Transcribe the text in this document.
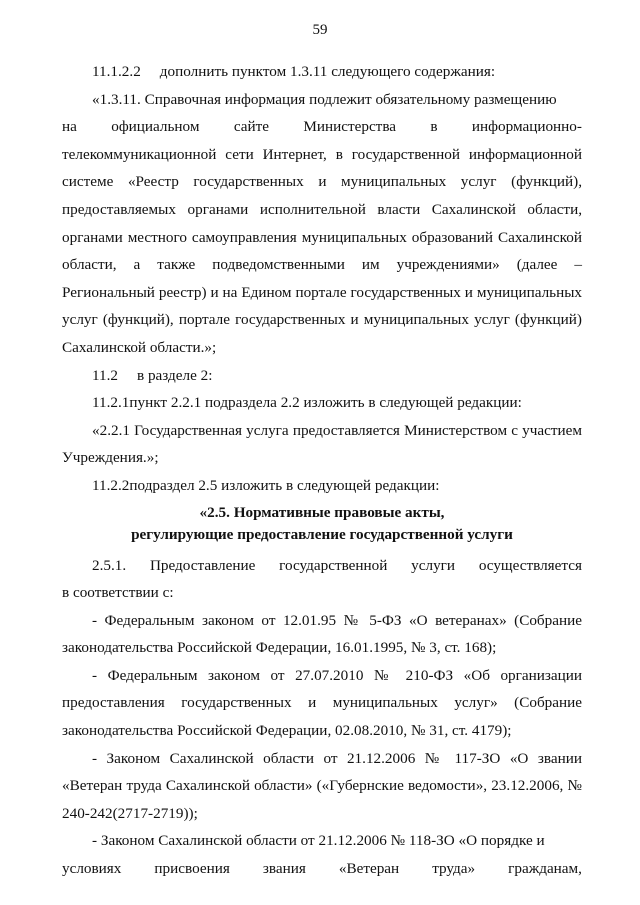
59

11.1.2.2     дополнить пунктом 1.3.11 следующего содержания:

«1.3.11. Справочная информация подлежит обязательному размещению
на официальном сайте Министерства в информационно-

телекоммуникационной сети Интернет, в государственной информационной системе «Реестр государственных и муниципальных услуг (функций), предоставляемых органами исполнительной власти Сахалинской области, органами местного самоуправления муниципальных образований Сахалинской области, а также подведомственными им учреждениями» (далее – Региональный реестр) и на Едином портале государственных и муниципальных услуг (функций), портале государственных и муниципальных услуг (функций) Сахалинской области.»;

11.2     в разделе 2:

11.2.1пункт 2.2.1 подраздела 2.2 изложить в следующей редакции:

«2.2.1 Государственная услуга предоставляется Министерством с участием Учреждения.»;

11.2.2подраздел 2.5 изложить в следующей редакции:

«2.5. Нормативные правовые акты,
регулирующие предоставление государственной услуги
2.5.1. Предоставление государственной услуги осуществляется

в соответствии с:

- Федеральным законом от 12.01.95 № 5-ФЗ «О ветеранах» (Собрание законодательства Российской Федерации, 16.01.1995, № 3, ст. 168);

- Федеральным законом от 27.07.2010 № 210-ФЗ «Об организации предоставления государственных и муниципальных услуг» (Собрание законодательства Российской Федерации, 02.08.2010, № 31, ст. 4179);

- Законом Сахалинской области от 21.12.2006 № 117-ЗО «О звании «Ветеран труда Сахалинской области» («Губернские ведомости», 23.12.2006, № 240-242(2717-2719));

- Законом Сахалинской области от 21.12.2006 № 118-ЗО «О порядке и
условиях присвоения звания «Ветеран труда» гражданам,
